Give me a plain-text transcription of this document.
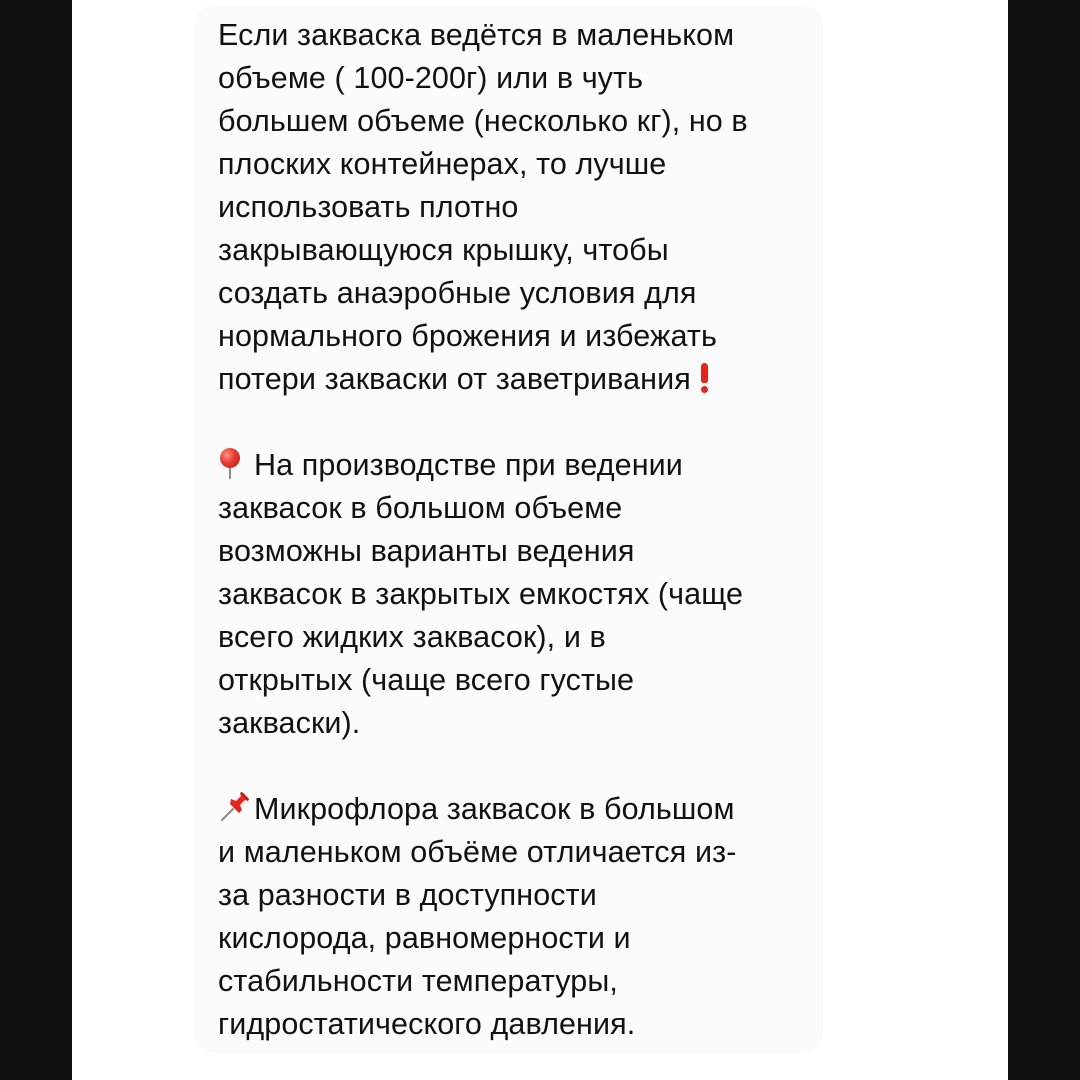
Если закваска ведётся в маленьком
объеме ( 100-200г) или в чуть
большем объеме (несколько кг), но в
плоских контейнерах, то лучше
использовать плотно
закрывающуюся крышку, чтобы
создать анаэробные условия для
нормального брожения и избежать
потери закваски от заветривания
На производстве при ведении
заквасок в большом объеме
возможны варианты ведения
заквасок в закрытых емкостях (чаще
всего жидких заквасок), и в
открытых (чаще всего густые
закваски).
Микрофлора заквасок в большом
и маленьком объёме отличается из-
за разности в доступности
кислорода, равномерности и
стабильности температуры,
гидростатического давления.
